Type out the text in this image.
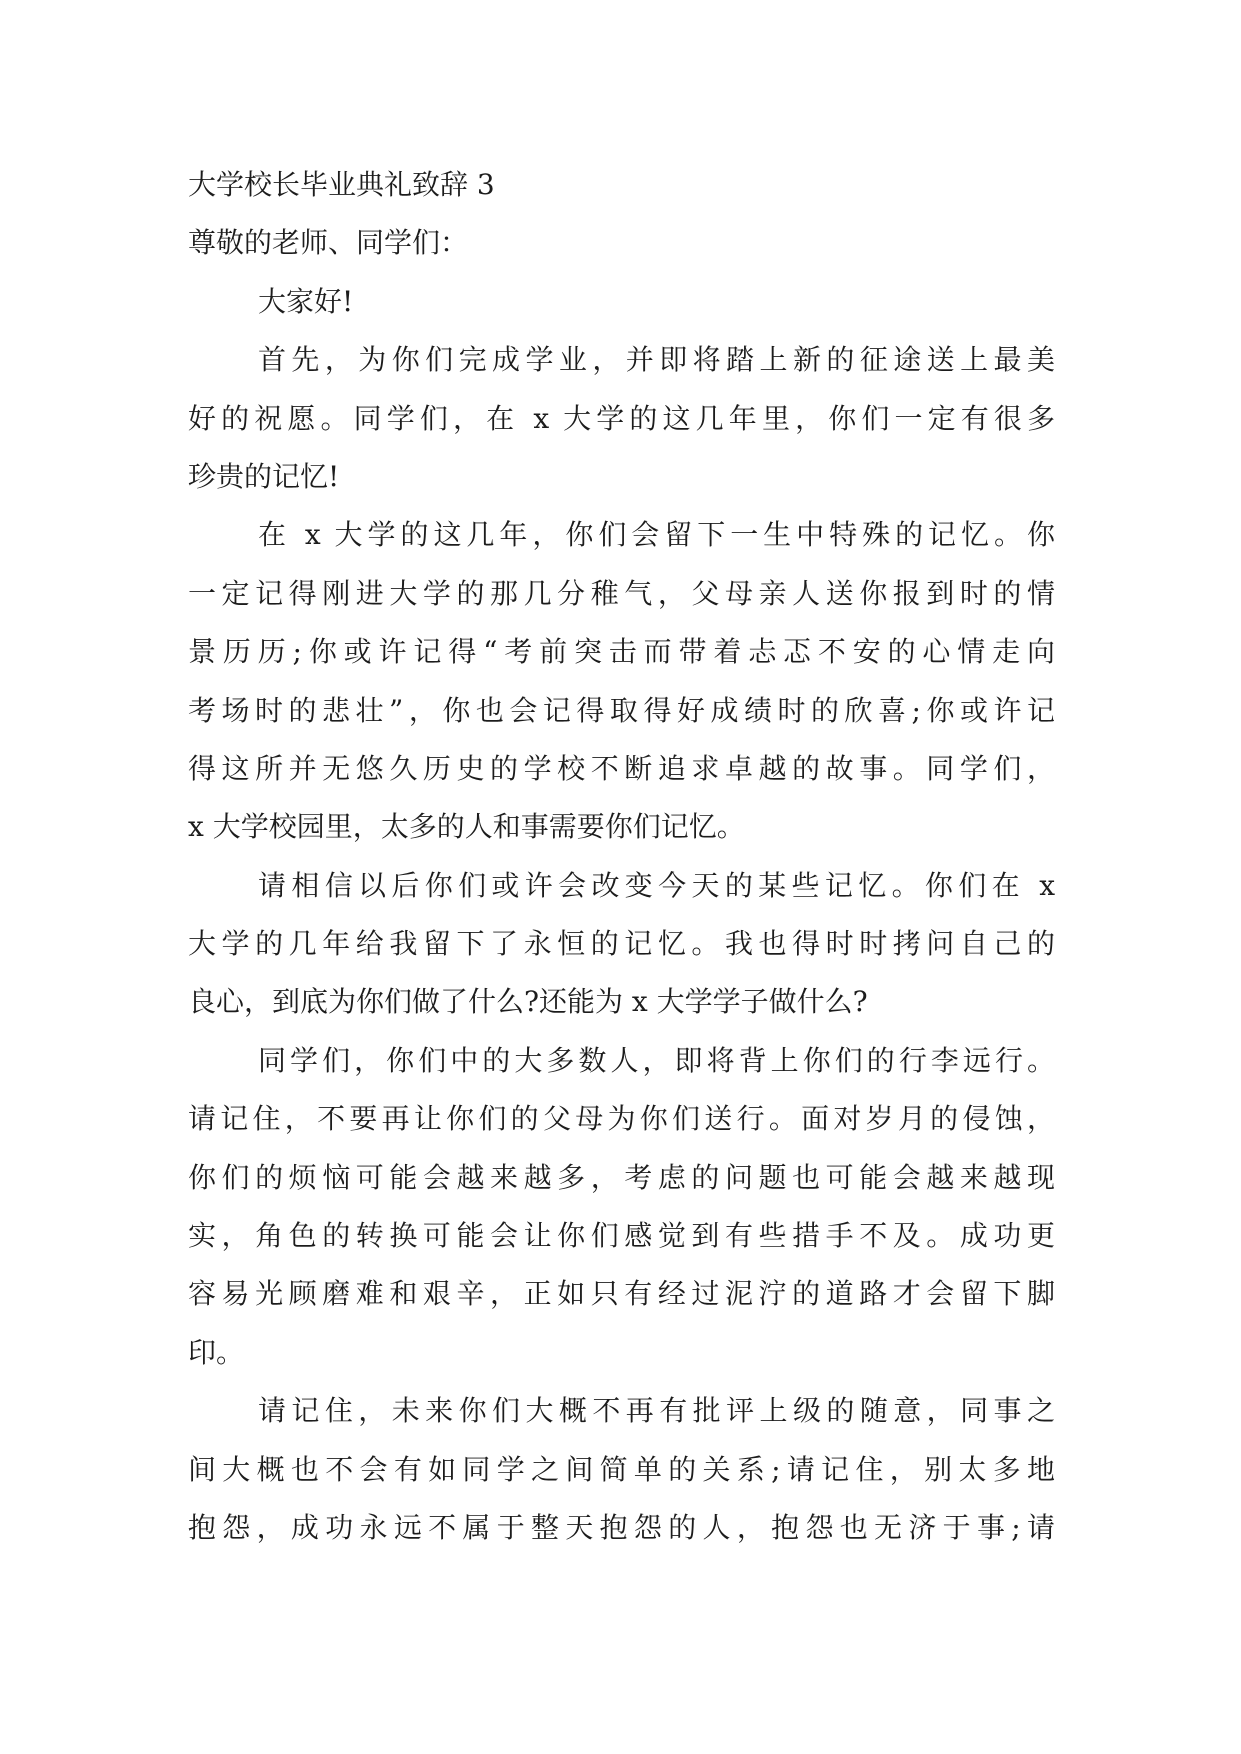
大学校长毕业典礼致辞 3
尊敬的老师、同学们：
大家好!
首先，为你们完成学业，并即将踏上新的征途送上最美
好的祝愿。同学们，在 x 大学的这几年里，你们一定有很多
珍贵的记忆!
在 x 大学的这几年，你们会留下一生中特殊的记忆。你
一定记得刚进大学的那几分稚气，父母亲人送你报到时的情
景历历;你或许记得“考前突击而带着忐忑不安的心情走向
考场时的悲壮”，你也会记得取得好成绩时的欣喜;你或许记
得这所并无悠久历史的学校不断追求卓越的故事。同学们，
x 大学校园里，太多的人和事需要你们记忆。
请相信以后你们或许会改变今天的某些记忆。你们在 x
大学的几年给我留下了永恒的记忆。我也得时时拷问自己的
良心，到底为你们做了什么?还能为 x 大学学子做什么?
同学们，你们中的大多数人，即将背上你们的行李远行。
请记住，不要再让你们的父母为你们送行。面对岁月的侵蚀，
你们的烦恼可能会越来越多，考虑的问题也可能会越来越现
实，角色的转换可能会让你们感觉到有些措手不及。成功更
容易光顾磨难和艰辛，正如只有经过泥泞的道路才会留下脚
印。
请记住，未来你们大概不再有批评上级的随意，同事之
间大概也不会有如同学之间简单的关系;请记住，别太多地
抱怨，成功永远不属于整天抱怨的人，抱怨也无济于事;请
